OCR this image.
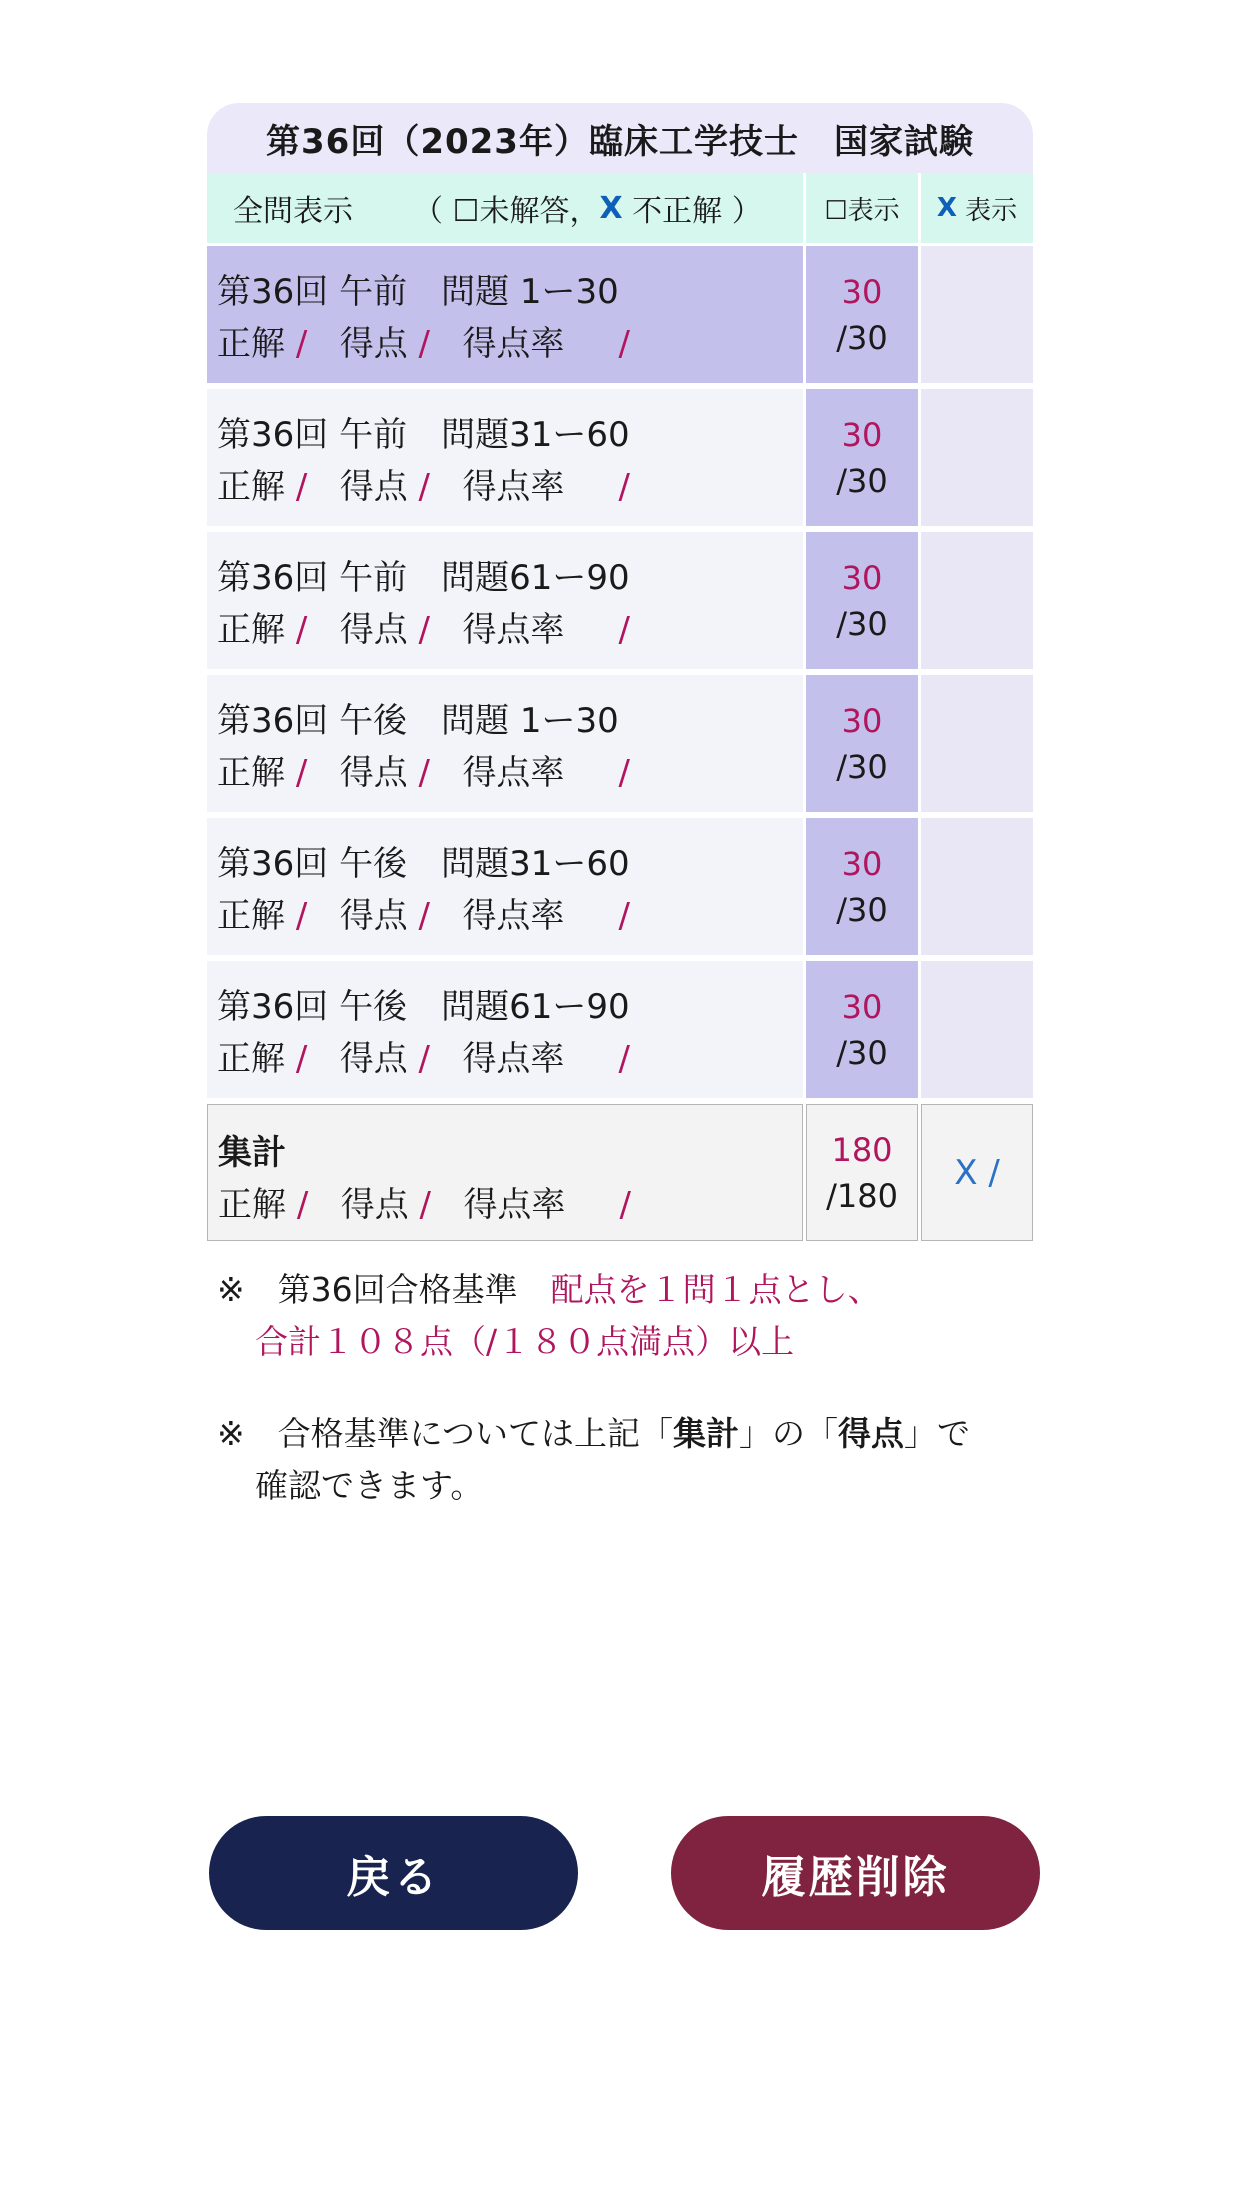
第36回（2023年）臨床工学技士　国家試験
全問表示
　　 （
☐未解答， X
不正解
） ☐表示 X
表示
第36回 午前　問題 1ー30
正解 / 得点 / 得点率 /
30
/30
第36回 午前　問題31ー60
正解 / 得点 / 得点率 /
30
/30
第36回 午前　問題61ー90
正解 / 得点 / 得点率 /
30
/30
第36回 午後　問題 1ー30
正解 / 得点 / 得点率 /
30
/30
第36回 午後　問題31ー60
正解 / 得点 / 得点率 /
30
/30
第36回 午後　問題61ー90
正解 / 得点 / 得点率 /
30
/30
集計
正解 / 得点 / 得点率 /
180
/180
X /
※　 第36回合格基準　 配点を１問１点とし、
合計１０８点（/１８０点満点）以上
※　 合格基準については上記「集計」の「得点」で
確認できます。
戻る	履歴削除
